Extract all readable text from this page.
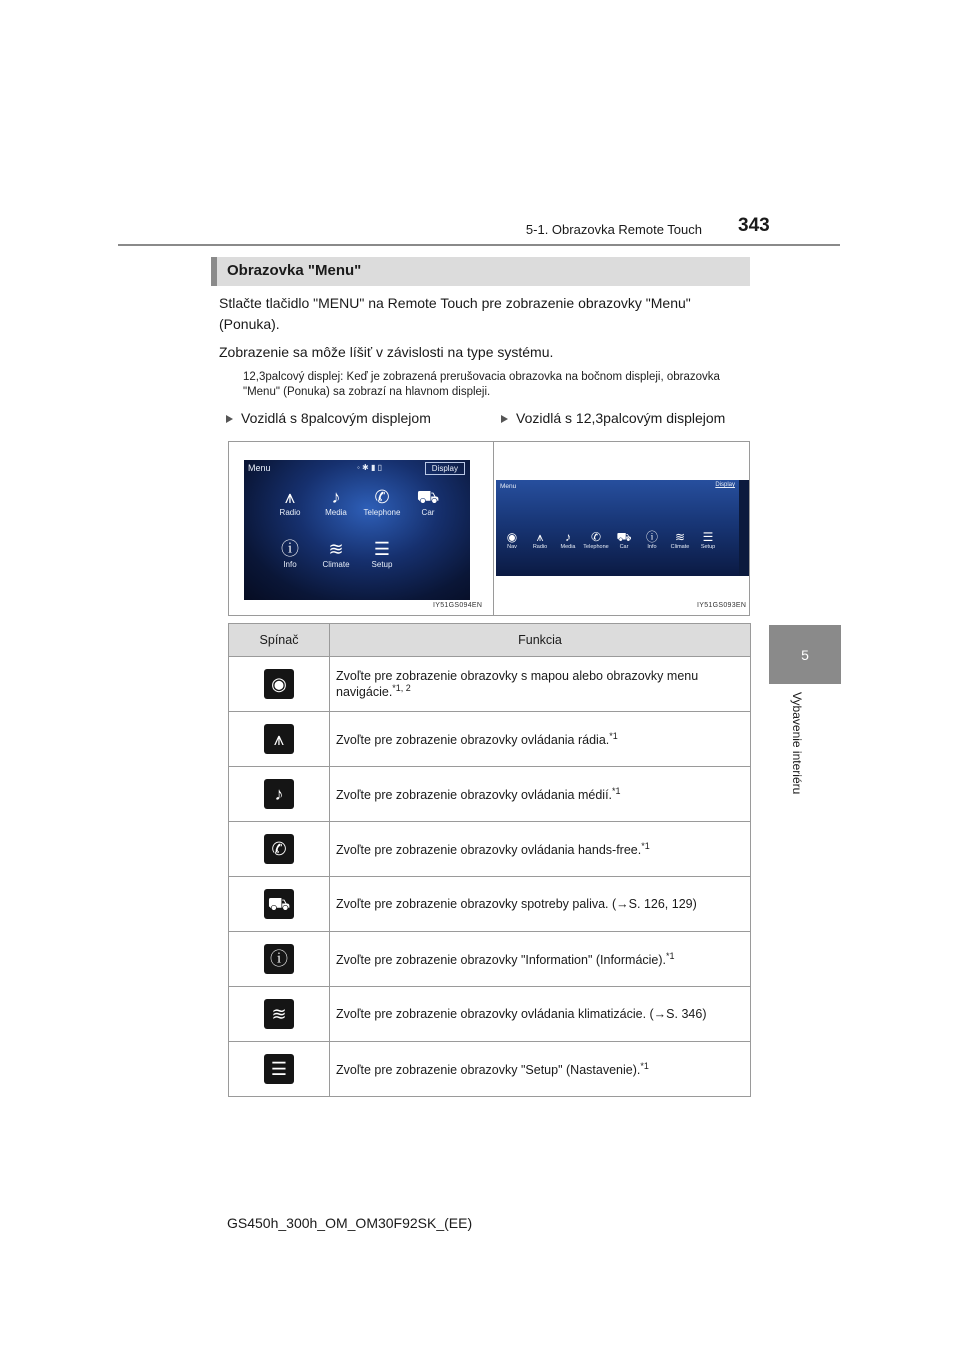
5-1. Obrazovka Remote Touch 343
5
Vybavenie interiéru
Obrazovka "Menu"
Stlačte tlačidlo "MENU" na Remote Touch pre zobrazenie obrazovky "Menu" (Ponuka).
Zobrazenie sa môže líšiť v závislosti na type systému.
12,3palcový displej: Keď je zobrazená prerušovacia obrazovka na bočnom displeji, obrazovka "Menu" (Ponuka) sa zobrazí na hlavnom displeji.
Vozidlá s 8palcovým displejom	Vozidlá s 12,3palcovým displejom
Menu	◦ ✱ ▮ ▯	Display
⩚
Radio
♪
Media
✆
Telephone
⛟
Car
ⓘ
Info
≋
Climate
☰
Setup
IY51GS094EN
Menu	Display
◉
Nav
⩚
Radio
♪
Media
✆
Telephone
⛟
Car
ⓘ
Info
≋
Climate
☰
Setup
IY51GS093EN
Spínač	Funkcia
◉	Zvoľte pre zobrazenie obrazovky s mapou alebo obrazovky menu navigácie.$^{*1, 2}$
⩚	Zvoľte pre zobrazenie obrazovky ovládania rádia.$^{*1}$
♪	Zvoľte pre zobrazenie obrazovky ovládania médií.$^{*1}$
✆	Zvoľte pre zobrazenie obrazovky ovládania hands-free.$^{*1}$
⛟	Zvoľte pre zobrazenie obrazovky spotreby paliva. (→S. 126, 129)
ⓘ	Zvoľte pre zobrazenie obrazovky "Information" (Informácie).$^{*1}$
≋	Zvoľte pre zobrazenie obrazovky ovládania klimatizácie. (→S. 346)
☰	Zvoľte pre zobrazenie obrazovky "Setup" (Nastavenie).$^{*1}$
GS450h_300h_OM_OM30F92SK_(EE)
